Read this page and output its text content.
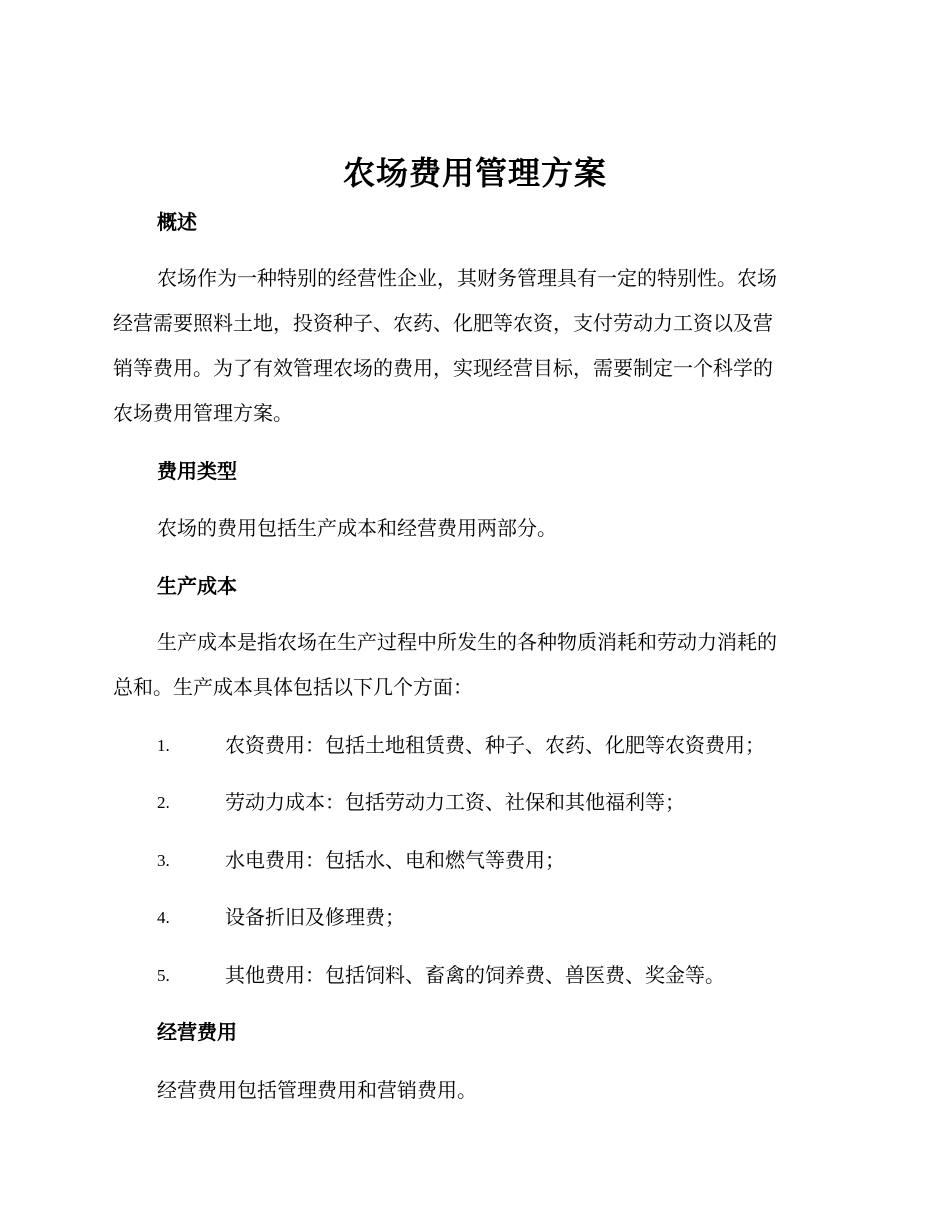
农场费用管理方案
概述
农场作为一种特别的经营性企业，其财务管理具有一定的特别性。农场
经营需要照料土地，投资种子、农药、化肥等农资，支付劳动力工资以及营
销等费用。为了有效管理农场的费用，实现经营目标，需要制定一个科学的
农场费用管理方案。
费用类型
农场的费用包括生产成本和经营费用两部分。
生产成本
生产成本是指农场在生产过程中所发生的各种物质消耗和劳动力消耗的
总和。生产成本具体包括以下几个方面：
1.	农资费用：包括土地租赁费、种子、农药、化肥等农资费用；
2.	劳动力成本：包括劳动力工资、社保和其他福利等；
3.	水电费用：包括水、电和燃气等费用；
4.	设备折旧及修理费；
5.	其他费用：包括饲料、畜禽的饲养费、兽医费、奖金等。
经营费用
经营费用包括管理费用和营销费用。
